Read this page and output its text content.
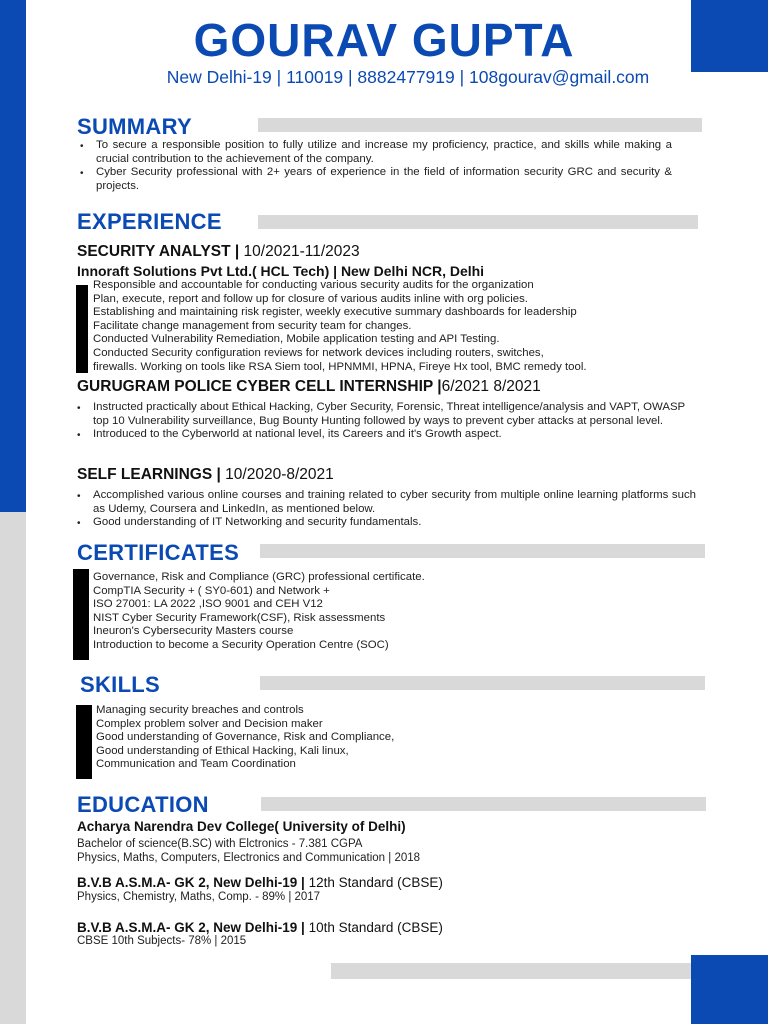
GOURAV GUPTA
New Delhi-19 | 110019 | 8882477919 | 108gourav@gmail.com
SUMMARY
• To secure a responsible position to fully utilize and increase my proficiency, practice, and skills while making a crucial contribution to the achievement of the company.
• Cyber Security professional with 2+ years of experience in the field of information security GRC and security & projects.
EXPERIENCE
SECURITY ANALYST | 10/2021-11/2023
Innoraft Solutions Pvt Ltd.( HCL Tech) | New Delhi NCR, Delhi
Responsible and accountable for conducting various security audits for the organization
Plan, execute, report and follow up for closure of various audits inline with org policies.
Establishing and maintaining risk register, weekly executive summary dashboards for leadership
Facilitate change management from security team for changes.
Conducted Vulnerability Remediation, Mobile application testing and API Testing.
Conducted Security configuration reviews for network devices including routers, switches,
firewalls. Working on tools like RSA Siem tool, HPNMMI, HPNA, Fireye Hx tool, BMC remedy tool.
GURUGRAM POLICE CYBER CELL INTERNSHIP |6/2021 8/2021
• Instructed practically about Ethical Hacking, Cyber Security, Forensic, Threat intelligence/analysis and VAPT, OWASP top 10 Vulnerability surveillance, Bug Bounty Hunting followed by ways to prevent cyber attacks at personal level.
• Introduced to the Cyberworld at national level, its Careers and it's Growth aspect.
SELF LEARNINGS | 10/2020-8/2021
• Accomplished various online courses and training related to cyber security from multiple online learning platforms such as Udemy, Coursera and LinkedIn, as mentioned below.
• Good understanding of IT Networking and security fundamentals.
CERTIFICATES
Governance, Risk and Compliance (GRC) professional certificate.
CompTIA Security + ( SY0-601) and Network +
ISO 27001: LA 2022 ,ISO 9001 and CEH V12
NIST Cyber Security Framework(CSF), Risk assessments
Ineuron's Cybersecurity Masters course
Introduction to become a Security Operation Centre (SOC)
SKILLS
Managing security breaches and controls
Complex problem solver and Decision maker
Good understanding of Governance, Risk and Compliance,
Good understanding of Ethical Hacking, Kali linux,
Communication and Team Coordination
EDUCATION
Acharya Narendra Dev College( University of Delhi)
Bachelor of science(B.SC) with Elctronics - 7.381 CGPA
Physics, Maths, Computers, Electronics and Communication | 2018
B.V.B A.S.M.A- GK 2, New Delhi-19 | 12th Standard (CBSE)
Physics, Chemistry, Maths, Comp. - 89% | 2017
B.V.B A.S.M.A- GK 2, New Delhi-19 | 10th Standard (CBSE)
CBSE 10th Subjects- 78% | 2015
